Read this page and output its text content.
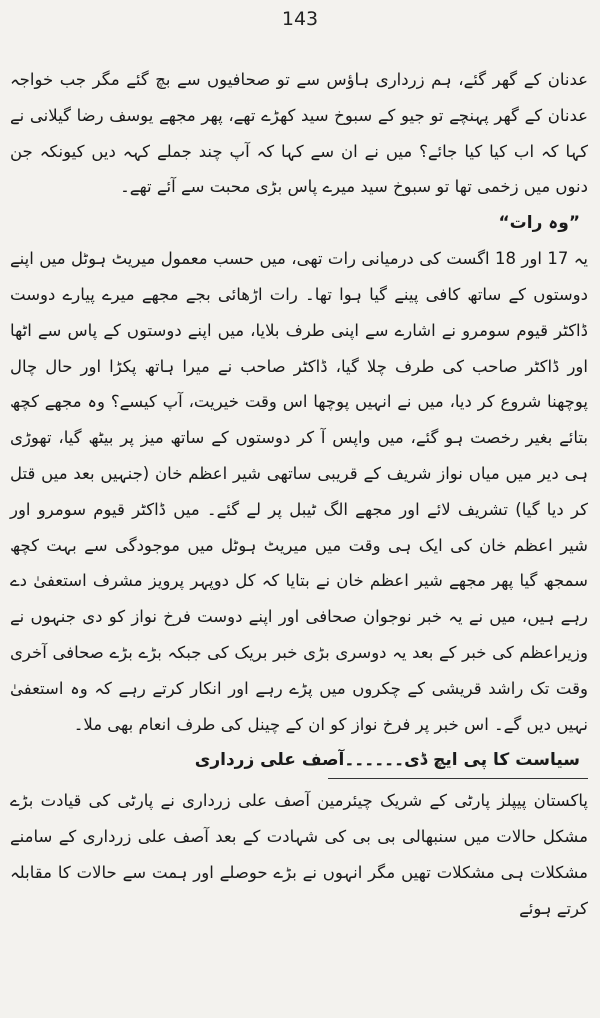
143

عدنان کے گھر گئے، ہم زرداری ہاؤس سے تو صحافیوں سے بچ گئے مگر جب خواجہ عدنان کے گھر پہنچے تو جیو کے سبوخ سید کھڑے تھے، پھر مجھے یوسف رضا گیلانی نے کہا کہ اب کیا کیا جائے؟ میں نے ان سے کہا کہ آپ چند جملے کہہ دیں کیونکہ جن دنوں میں زخمی تھا تو سبوخ سید میرے پاس بڑی محبت سے آئے تھے۔

”وہ رات“

یہ 17 اور 18 اگست کی درمیانی رات تھی، میں حسب معمول میریٹ ہوٹل میں اپنے دوستوں کے ساتھ کافی پینے گیا ہوا تھا۔ رات اڑھائی بجے مجھے میرے پیارے دوست ڈاکٹر قیوم سومرو نے اشارے سے اپنی طرف بلایا، میں اپنے دوستوں کے پاس سے اٹھا اور ڈاکٹر صاحب کی طرف چلا گیا، ڈاکٹر صاحب نے میرا ہاتھ پکڑا اور حال چال پوچھنا شروع کر دیا، میں نے انہیں پوچھا اس وقت خیریت، آپ کیسے؟ وہ مجھے کچھ بتائے بغیر رخصت ہو گئے، میں واپس آ کر دوستوں کے ساتھ میز پر بیٹھ گیا، تھوڑی ہی دیر میں میاں نواز شریف کے قریبی ساتھی شیر اعظم خان (جنہیں بعد میں قتل کر دیا گیا) تشریف لائے اور مجھے الگ ٹیبل پر لے گئے۔ میں ڈاکٹر قیوم سومرو اور شیر اعظم خان کی ایک ہی وقت میں میریٹ ہوٹل میں موجودگی سے بہت کچھ سمجھ گیا پھر مجھے شیر اعظم خان نے بتایا کہ کل دوپہر پرویز مشرف استعفیٰ دے رہے ہیں، میں نے یہ خبر نوجوان صحافی اور اپنے دوست فرخ نواز کو دی جنہوں نے وزیراعظم کی خبر کے بعد یہ دوسری بڑی خبر بریک کی جبکہ بڑے بڑے صحافی آخری وقت تک راشد قریشی کے چکروں میں پڑے رہے اور انکار کرتے رہے کہ وہ استعفیٰ نہیں دیں گے۔ اس خبر پر فرخ نواز کو ان کے چینل کی طرف انعام بھی ملا۔

سیاست کا پی ایچ ڈی۔۔۔۔۔۔آصف علی زرداری

پاکستان پیپلز پارٹی کے شریک چیئرمین آصف علی زرداری نے پارٹی کی قیادت بڑے مشکل حالات میں سنبھالی بی بی کی شہادت کے بعد آصف علی زرداری کے سامنے مشکلات ہی مشکلات تھیں مگر انہوں نے بڑے حوصلے اور ہمت سے حالات کا مقابلہ کرتے ہوئے
